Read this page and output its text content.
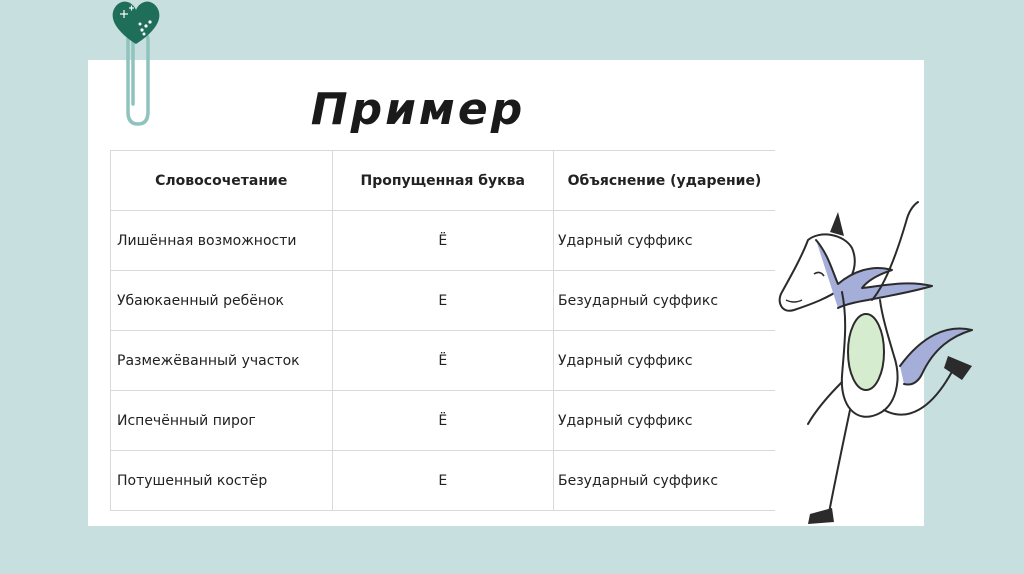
Пример
Словосочетание	Пропущенная буква	Объяснение (ударение)
Лишённая возможности	Ё	Ударный суффикс
Убаюкаенный ребёнок	Е	Безударный суффикс
Размежёванный участок	Ё	Ударный суффикс
Испечённый пирог	Ё	Ударный суффикс
Потушенный костёр	Е	Безударный суффикс
